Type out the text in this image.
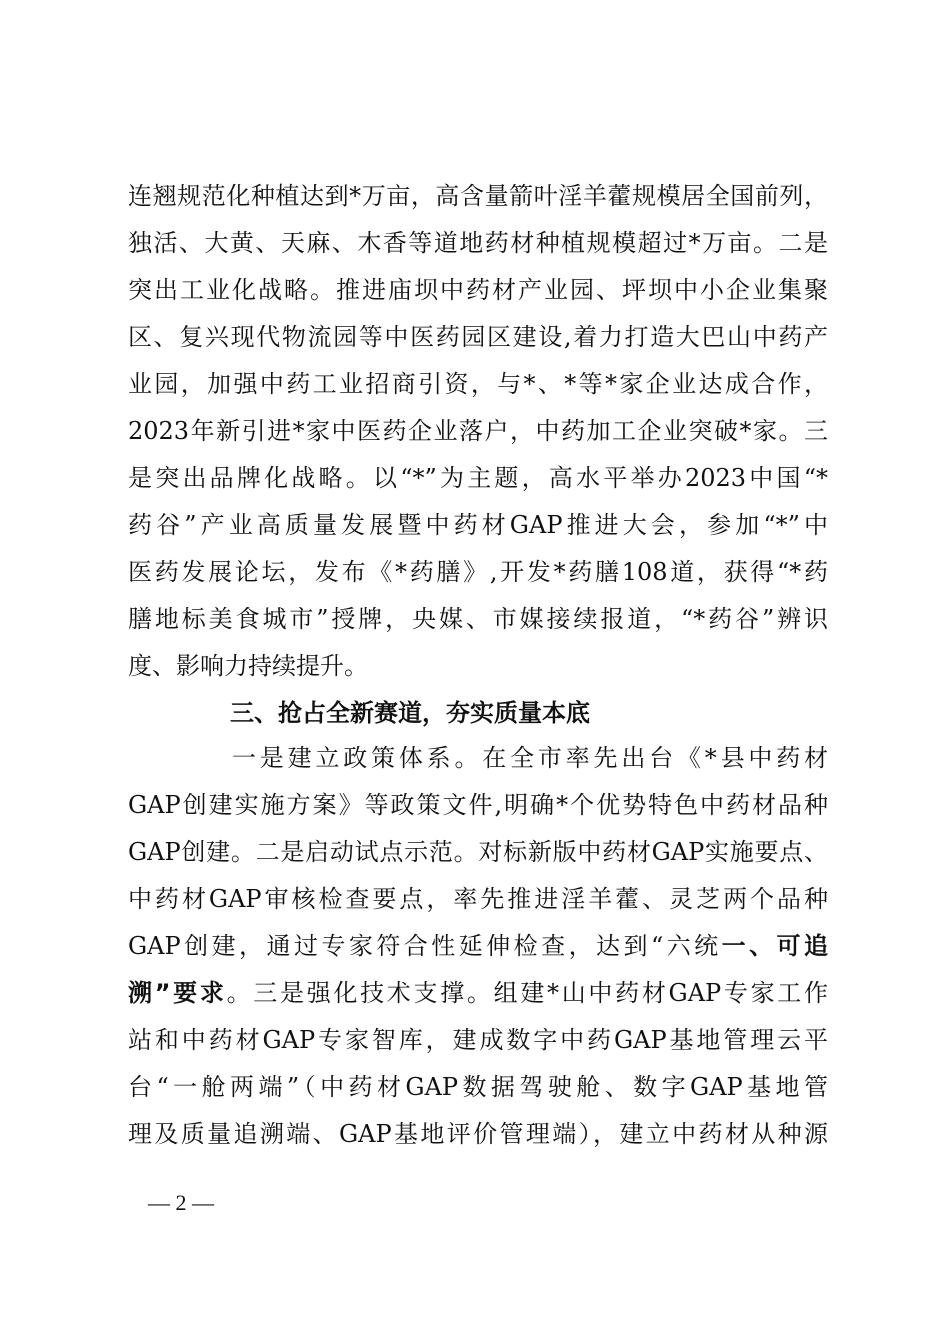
连翘规范化种植达到*万亩，高含量箭叶淫羊藿规模居全国前列，
独活、大黄、天麻、木香等道地药材种植规模超过*万亩。二是
突出工业化战略。推进庙坝中药材产业园、坪坝中小企业集聚
区、复兴现代物流园等中医药园区建设,着力打造大巴山中药产
业园，加强中药工业招商引资，与*、*等*家企业达成合作，
2023年新引进*家中医药企业落户，中药加工企业突破*家。三
是突出品牌化战略。以“*”为主题，高水平举办2023中国“*
药谷”产业高质量发展暨中药材GAP推进大会，参加“*”中
医药发展论坛，发布《*药膳》,开发*药膳108道，获得“*药
膳地标美食城市”授牌，央媒、市媒接续报道，“*药谷”辨识
度、影响力持续提升。
三、抢占全新赛道，夯实质量本底
一是建立政策体系。在全市率先出台《*县中药材
GAP创建实施方案》等政策文件,明确*个优势特色中药材品种
GAP创建。二是启动试点示范。对标新版中药材GAP实施要点、
中药材GAP审核检查要点，率先推进淫羊藿、灵芝两个品种
GAP创建，通过专家符合性延伸检查，达到“六统一、可追
溯”要求。三是强化技术支撑。组建*山中药材GAP专家工作
站和中药材GAP专家智库，建成数字中药GAP基地管理云平
台“一舱两端”（中药材GAP数据驾驶舱、数字GAP基地管
理及质量追溯端、GAP基地评价管理端），建立中药材从种源
— 2 —
